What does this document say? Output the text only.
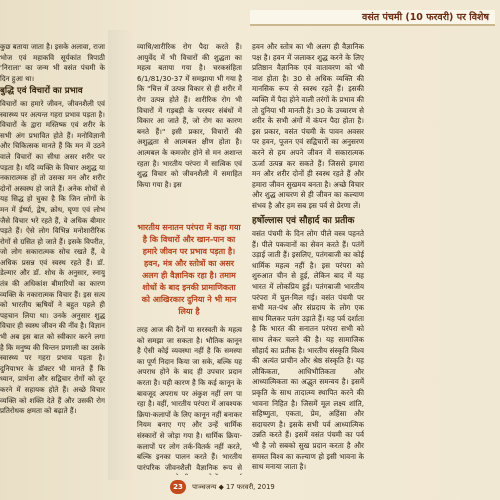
वसंत पंचमी (10 फरवरी) पर विशेष

कुछ बताया जाता है। इसके अलावा, राजा भोज एवं महाकवि सूर्यकांत त्रिपाठी 'निराला' का जन्म भी वसंत पंचमी के दिन हुआ था।

बुद्धि एवं विचारों का प्रभाव

विचारों का हमारे जीवन, जीवनशैली एवं स्वास्थ्य पर अत्यन्त गहरा प्रभाव पड़ता है। विचारों के द्वारा मस्तिष्क एवं शरीर के सभी अंग प्रभावित होते हैं। मनोविज्ञानी और चिकित्सक मानते हैं कि मन में उठने वाले विचारों का सीधा असर शरीर पर पड़ता है। यदि व्यक्ति के विचार अशुद्ध या नकारात्मक हों तो उसका मन और शरीर दोनों अस्वस्थ हो जाते हैं। अनेक शोधों से यह सिद्ध हो चुका है कि जिन लोगों के मन में ईर्ष्या, द्वेष, क्रोध, घृणा एवं लोभ जैसे विचार भरे रहते हैं, वे अधिक बीमार पड़ते हैं। ऐसे लोग विभिन्न मनोशारीरिक रोगों से ग्रसित हो जाते हैं। इसके विपरीत, जो लोग सकारात्मक सोच रखते हैं, वे अधिक प्रसन्न एवं स्वस्थ रहते हैं। डॉ. डेल्मार और डॉ. शोध के अनुसार, स्नायु तंत्र की अधिकांश बीमारियों का कारण व्यक्ति के नकारात्मक विचार हैं। इस सत्य को भारतीय ऋषियों ने बहुत पहले ही पहचान लिया था। उनके अनुसार शुद्ध विचार ही स्वस्थ जीवन की नींव है। विज्ञान भी अब इस बात को स्वीकार करने लगा है कि मनुष्य की चिन्तन प्रणाली का उसके स्वास्थ्य पर गहरा प्रभाव पड़ता है। दुनियाभर के डॉक्टर भी मानते हैं कि ध्यान, प्रार्थना और सद्विचार रोगों को दूर करने में सहायक होते हैं। अच्छे विचार व्यक्ति को शक्ति देते हैं और उसकी रोग प्रतिरोधक क्षमता को बढ़ाते हैं।

व्याधि/शारीरिक रोग पैदा करते हैं। आयुर्वेद में भी विचारों की शुद्धता का महत्व बताया गया है। चरकसंहिता 6/1/81/30-37 में समझाया भी गया है कि "चित्त में उत्पन्न विकार से ही शरीर में रोग उत्पन्न होते हैं। शारीरिक रोग भी विचारों में गड़बड़ी के परस्पर संबंधों में विकार आ जाते हैं, जो रोग का कारण बनते हैं।" इसी प्रकार, विचारों की अशुद्धता से आत्मबल क्षीण होता है। आत्मबल के कमजोर होने से मन अशान्त रहता है। भारतीय परंपरा में सात्विक एवं शुद्ध विचार को जीवनशैली में समाहित किया गया है। इस

भारतीय सनातन परंपरा में कहा गया है कि विचारों और खान-पान का हमारे जीवन पर प्रभाव पड़ता है। हवन, मंत्र और स्तोत्रों का असर अलग ही वैज्ञानिक रहा है। तमाम शोधों के बाद इनकी प्रामाणिकता को आखिरकार दुनिया ने भी मान लिया है

तरह आज की दैनों या सरस्वती के महत्व को समझा जा सकता है। भौतिक कानून है ऐसी कोई व्यवस्था नहीं है कि समस्या का पूर्ण निदान किया जा सके, बल्कि यह अपराध होने के बाद ही उपचार प्रदान करता है। यही कारण है कि कई कानून के बावजूद अपराध पर अंकुश नहीं लग पा रहा है। वहीं, भारतीय परंपरा में आवश्यक क्रिया-कलापों के लिए कानून नहीं बनाकर नियम बनाए गए और उन्हें धार्मिक संस्कारों से जोड़ा गया है। धार्मिक क्रिया-कलापों पर लोग तर्क-वितर्क नहीं करते, बल्कि इनका पालन करते हैं। भारतीय पारंपरिक जीवनशैली वैज्ञानिक रूप से

हवन और स्तोत्र का भी अलग ही वैज्ञानिक पक्ष है। हवन में जलाकर शुद्ध करने के लिए प्रतिष्ठान वैज्ञानिक एवं वातावरण को भी नाश होता है। 30 से अधिक व्यक्ति की मानसिक रूप से स्वस्थ रहते हैं। इसकी व्यक्ति में पैदा होने वाली तरंगों के प्रभाव की तो दुनिया भी मानती है। 30 के उच्चारण से शरीर के सभी अंगों में कंपन पैदा होता है। इस प्रकार, वसंत पंचमी के पावन अवसर पर हवन, पूजन एवं सद्विचारों का अनुसरण करने से हम अपने जीवन में सकारात्मक ऊर्जा उत्पन्न कर सकते हैं। जिससे हमारा मन और शरीर दोनों ही स्वस्थ रहते हैं और हमारा जीवन सुखमय बनता है। अच्छे विचार और शुद्ध आचरण से ही जीवन का कल्याण संभव है और हम सब इस पर्व से प्रेरणा लें।

हर्षोल्लास एवं सौहार्द का प्रतीक

वसंत पंचमी के दिन लोग पीले वस्त्र पहनते हैं। पीले पकवानों का सेवन करते हैं। पतंगें उड़ाई जाती हैं। इसलिए, पतंगबाजी का कोई धार्मिक महत्व नहीं है। इस परंपरा को शुरुआत चीन से हुई, लेकिन बाद में यह भारत में लोकप्रिय हुई। पतंगबाजी भारतीय परंपरा में घुल-मिल गई। वसंत पंचमी पर सभी मत-पंथ और संप्रदाय के लोग एक साथ मिलकर पतंग उड़ाते हैं। यह पर्व दर्शाता है कि भारत की सनातन परंपरा सभी को साथ लेकर चलने की है। यह सामाजिक सौहार्द का प्रतीक है। भारतीय संस्कृति विश्व की अत्यंत प्राचीन और श्रेष्ठ संस्कृति है। यह लौकिकता, आधिभौतिकता और आध्यात्मिकता का अद्भुत समन्वय है। इसमें प्रकृति के साथ तादात्म्य स्थापित करने की भावना निहित है। जिसमें मूल लक्ष्य शांति, सहिष्णुता, एकता, प्रेम, अहिंसा और सदाचरण है। इसके सभी पर्व आध्यात्मिक उन्नति करते हैं। इसमें वसंत पंचमी का पर्व भी है जो सबको सुख प्रदान करता है और समस्त विश्व का कल्याण हो इसी भावना के साथ मनाया जाता है।

23 पाञ्चजन्य ◆ 17 फरवरी, 2019
